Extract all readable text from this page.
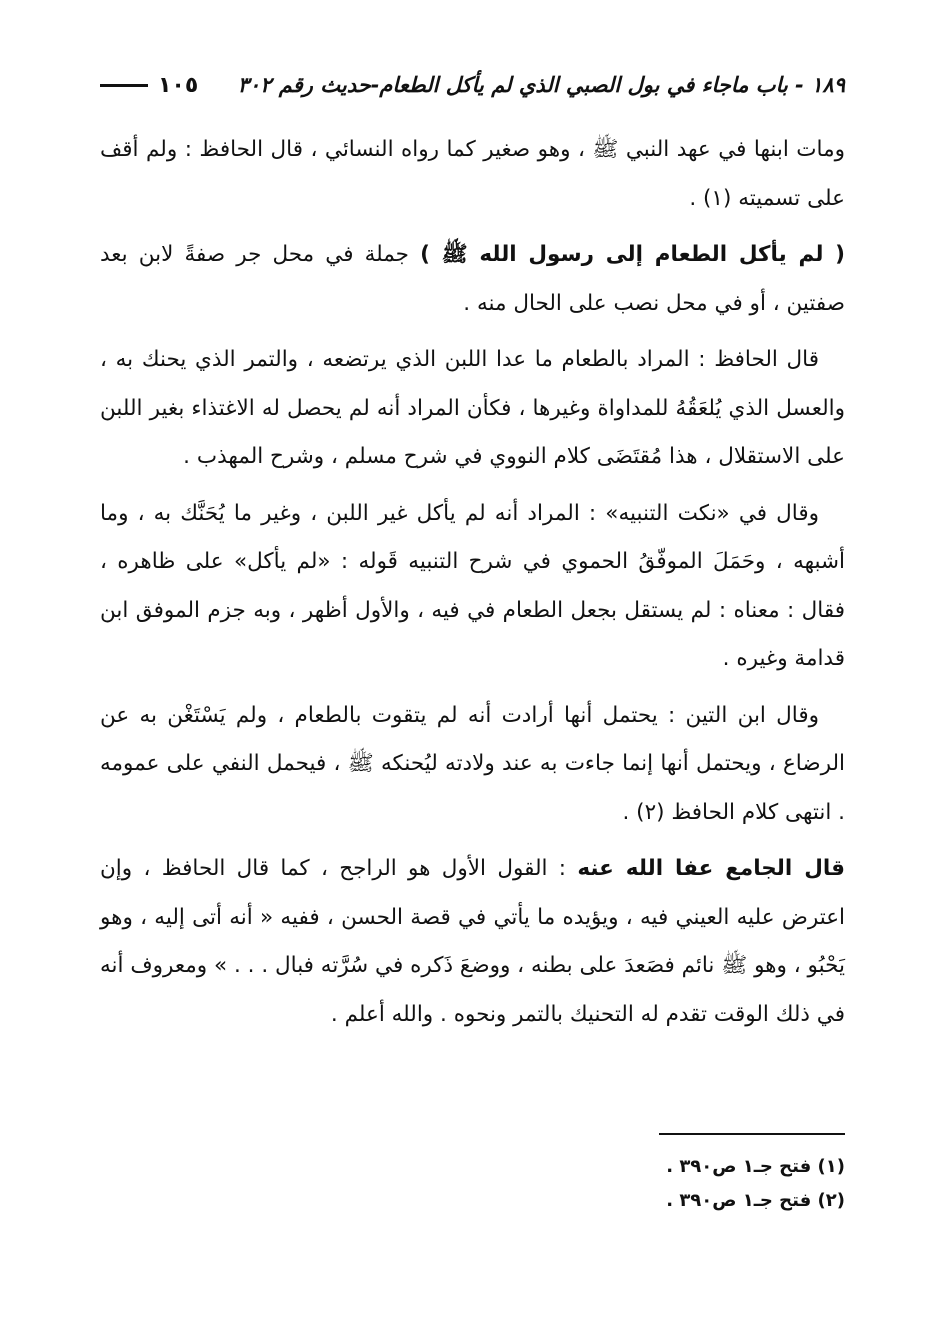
١٨٩ - باب ماجاء في بول الصبي الذي لم يأكل الطعام-حديث رقم ٣٠٢
١٠٥

ومات ابنها في عهد النبي ﷺ ، وهو صغير كما رواه النسائي ، قال الحافظ : ولم أقف على تسميته (١) .

( لم يأكل الطعام إلى رسول الله ﷺ ) جملة في محل جر صفةً لابن بعد صفتين ، أو في محل نصب على الحال منه .

قال الحافظ : المراد بالطعام ما عدا اللبن الذي يرتضعه ، والتمر الذي يحنك به ، والعسل الذي يُلعَقُهُ للمداواة وغيرها ، فكأن المراد أنه لم يحصل له الاغتذاء بغير اللبن على الاستقلال ، هذا مُقتَضَى كلام النووي في شرح مسلم ، وشرح المهذب .

وقال في «نكت التنبيه» : المراد أنه لم يأكل غير اللبن ، وغير ما يُحَنَّك به ، وما أشبهه ، وحَمَلَ الموفّقُ الحموي في شرح التنبيه قَوله : «لم يأكل» على ظاهره ، فقال : معناه : لم يستقل بجعل الطعام في فيه ، والأول أظهر ، وبه جزم الموفق ابن قدامة وغيره .

وقال ابن التين : يحتمل أنها أرادت أنه لم يتقوت بالطعام ، ولم يَسْتَغْن به عن الرضاع ، ويحتمل أنها إنما جاءت به عند ولادته ليُحنكه ﷺ ، فيحمل النفي على عمومه . انتهى كلام الحافظ (٢) .

قال الجامع عفا الله عنه : القول الأول هو الراجح ، كما قال الحافظ ، وإن اعترض عليه العيني فيه ، ويؤيده ما يأتي في قصة الحسن ، ففيه « أنه أتى إليه ، وهو يَحْبُو ، وهو ﷺ نائم فصَعدَ على بطنه ، ووضعَ ذَكره في سُرَّته فبال . . . » ومعروف أنه في ذلك الوقت تقدم له التحنيك بالتمر ونحوه . والله أعلم .

(١) فتح جـ١ ص٣٩٠ .
(٢) فتح جـ١ ص٣٩٠ .
